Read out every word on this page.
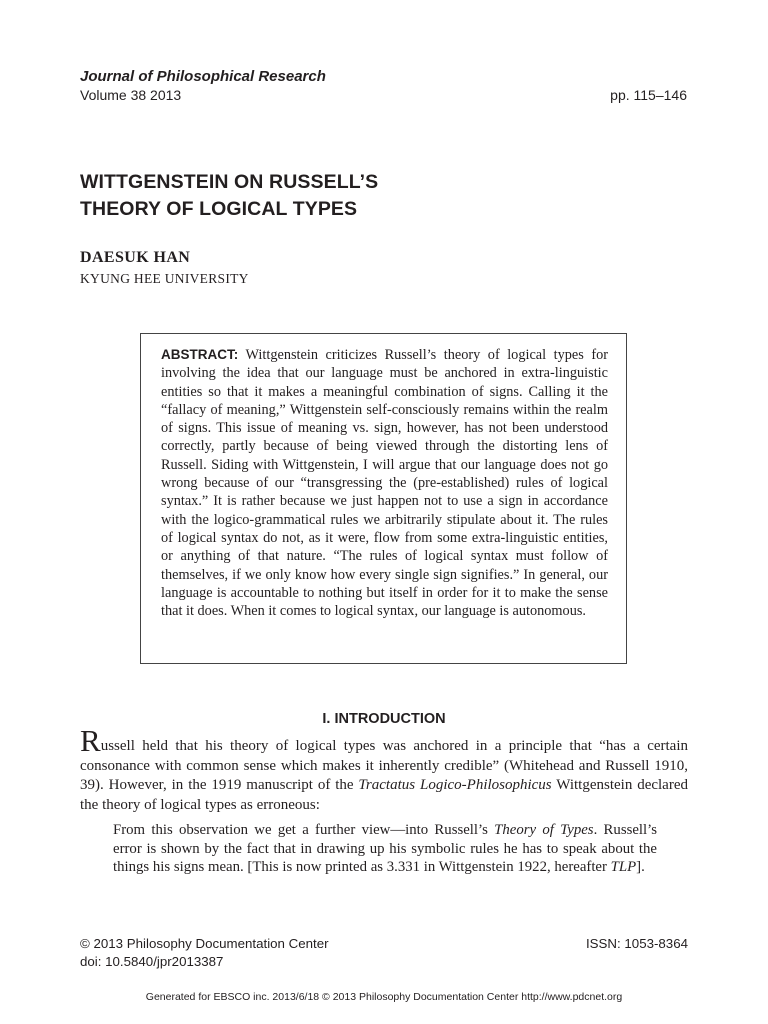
Journal of Philosophical Research
Volume 38 2013	pp. 115–146
WITTGENSTEIN ON RUSSELL’S
THEORY OF LOGICAL TYPES
DAESUK HAN
KYUNG HEE UNIVERSITY
ABSTRACT: Wittgenstein criticizes Russell’s theory of logical types for involving the idea that our language must be anchored in extra-linguistic entities so that it makes a meaningful combination of signs. Calling it the “fallacy of meaning,” Wittgenstein self-consciously remains within the realm of signs. This issue of meaning vs. sign, however, has not been understood correctly, partly because of being viewed through the distorting lens of Russell. Siding with Wittgenstein, I will argue that our language does not go wrong because of our “transgressing the (pre-established) rules of logical syntax.” It is rather because we just happen not to use a sign in accordance with the logico-grammatical rules we arbitrarily stipulate about it. The rules of logical syntax do not, as it were, flow from some extra-linguistic entities, or anything of that nature. “The rules of logical syntax must follow of themselves, if we only know how every single sign signifies.” In general, our language is accountable to nothing but itself in order for it to make the sense that it does. When it comes to logical syntax, our language is autonomous.
I. INTRODUCTION
Russell held that his theory of logical types was anchored in a principle that “has a certain consonance with common sense which makes it inherently credible” (Whitehead and Russell 1910, 39). However, in the 1919 manuscript of the Tractatus Logico-Philosophicus Wittgenstein declared the theory of logical types as erroneous:
From this observation we get a further view—into Russell’s Theory of Types. Russell’s error is shown by the fact that in drawing up his symbolic rules he has to speak about the things his signs mean. [This is now printed as 3.331 in Wittgenstein 1922, hereafter TLP].
© 2013 Philosophy Documentation Center
doi: 10.5840/jpr2013387
ISSN: 1053-8364
Generated for EBSCO inc. 2013/6/18 © 2013 Philosophy Documentation Center http://www.pdcnet.org
